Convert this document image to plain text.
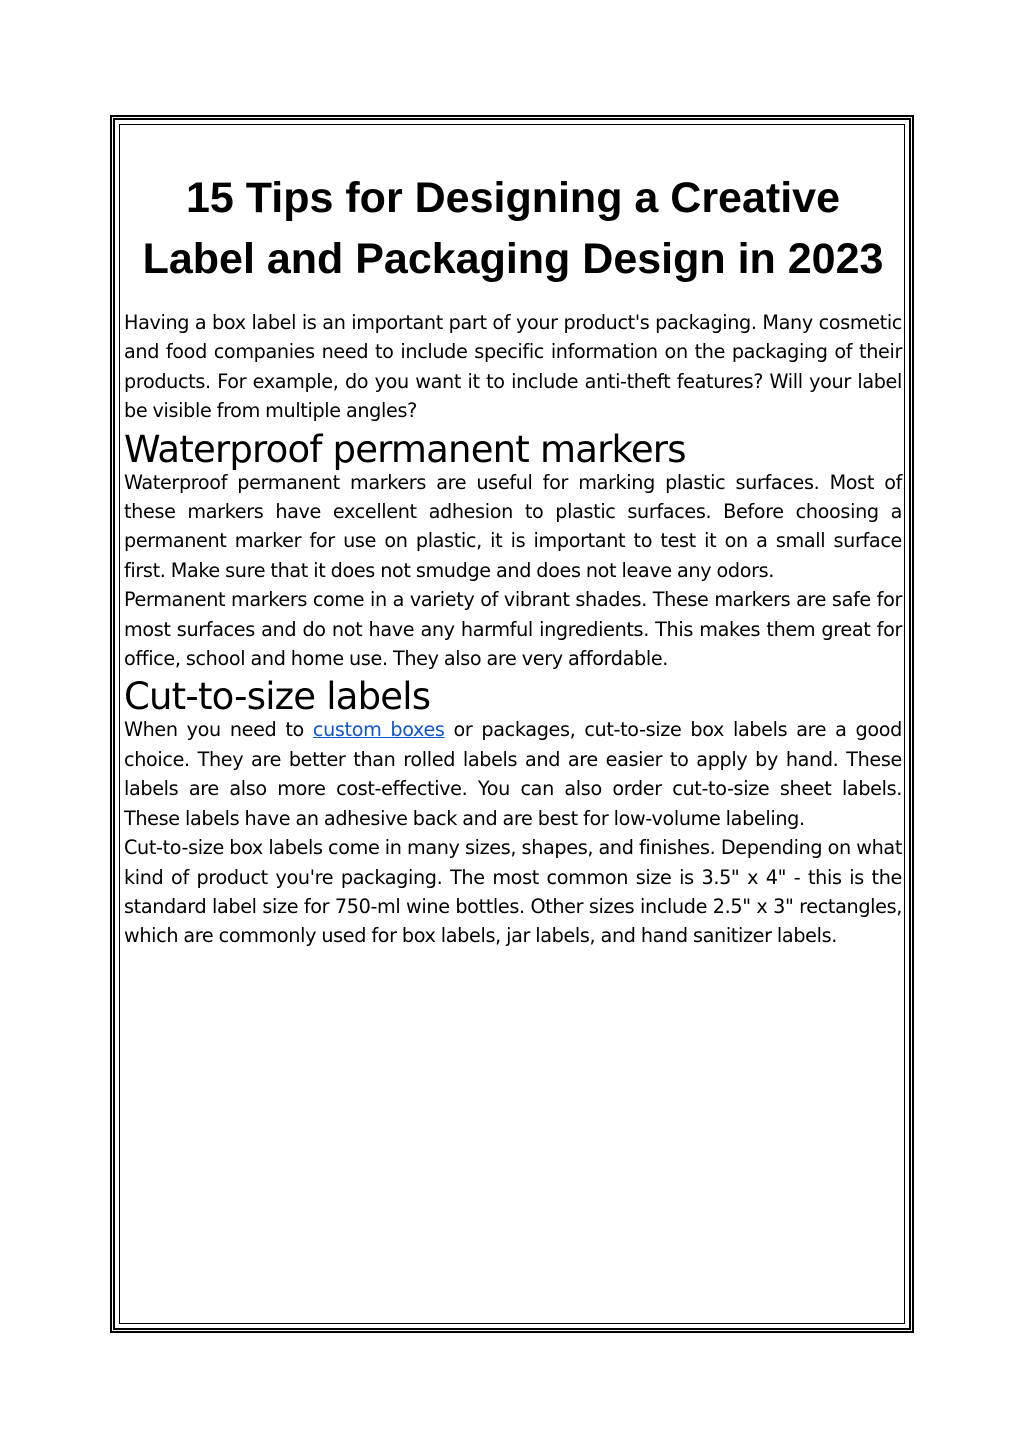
15 Tips for Designing a Creative Label and Packaging Design in 2023

Having a box label is an important part of your product's packaging. Many cosmetic and food companies need to include specific information on the packaging of their products. For example, do you want it to include anti-theft features? Will your label be visible from multiple angles?

Waterproof permanent markers

Waterproof permanent markers are useful for marking plastic surfaces. Most of these markers have excellent adhesion to plastic surfaces. Before choosing a permanent marker for use on plastic, it is important to test it on a small surface first. Make sure that it does not smudge and does not leave any odors.

Permanent markers come in a variety of vibrant shades. These markers are safe for most surfaces and do not have any harmful ingredients. This makes them great for office, school and home use. They also are very affordable.

Cut-to-size labels

When you need to custom boxes or packages, cut-to-size box labels are a good choice. They are better than rolled labels and are easier to apply by hand. These labels are also more cost-effective. You can also order cut-to-size sheet labels. These labels have an adhesive back and are best for low-volume labeling.

Cut-to-size box labels come in many sizes, shapes, and finishes. Depending on what kind of product you're packaging. The most common size is 3.5" x 4" - this is the standard label size for 750-ml wine bottles. Other sizes include 2.5" x 3" rectangles, which are commonly used for box labels, jar labels, and hand sanitizer labels.
